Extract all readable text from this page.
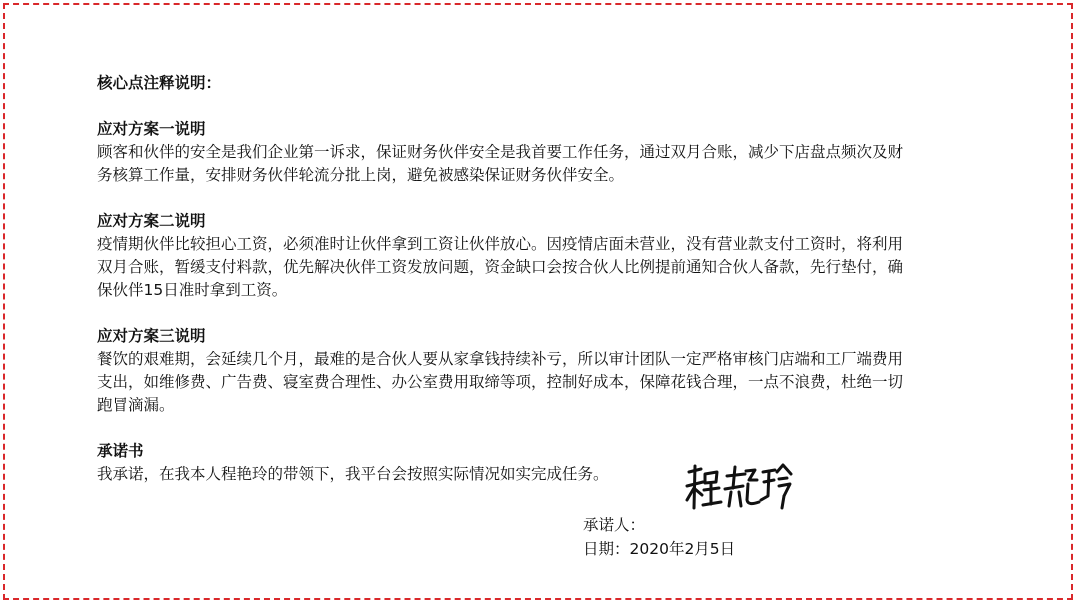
核心点注释说明：

应对方案一说明

顾客和伙伴的安全是我们企业第一诉求，保证财务伙伴安全是我首要工作任务，通过双月合账，减少下店盘点频次及财

务核算工作量，安排财务伙伴轮流分批上岗，避免被感染保证财务伙伴安全。

应对方案二说明

疫情期伙伴比较担心工资，必须准时让伙伴拿到工资让伙伴放心。因疫情店面未营业，没有营业款支付工资时，将利用

双月合账，暂缓支付料款，优先解决伙伴工资发放问题，资金缺口会按合伙人比例提前通知合伙人备款，先行垫付，确

保伙伴15日准时拿到工资。

应对方案三说明

餐饮的艰难期，会延续几个月，最难的是合伙人要从家拿钱持续补亏，所以审计团队一定严格审核门店端和工厂端费用

支出，如维修费、广告费、寝室费合理性、办公室费用取缔等项，控制好成本，保障花钱合理，一点不浪费，杜绝一切

跑冒滴漏。

承诺书

我承诺，在我本人程艳玲的带领下，我平台会按照实际情况如实完成任务。

承诺人：
日期：2020年2月5日
